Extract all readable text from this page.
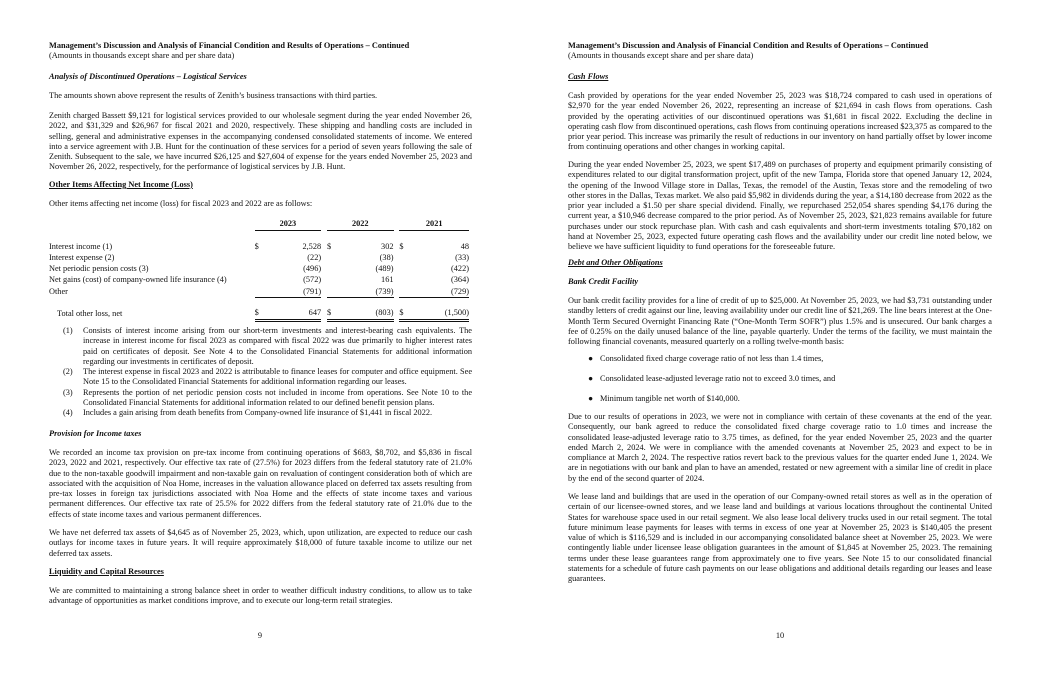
Management’s Discussion and Analysis of Financial Condition and Results of Operations – Continued
(Amounts in thousands except share and per share data)
Analysis of Discontinued Operations – Logistical Services
The amounts shown above represent the results of Zenith’s business transactions with third parties.
Zenith charged Bassett $9,121 for logistical services provided to our wholesale segment during the year ended November 26, 2022, and $31,329 and $26,967 for fiscal 2021 and 2020, respectively. These shipping and handling costs are included in selling, general and administrative expenses in the accompanying condensed consolidated statements of income. We entered into a service agreement with J.B. Hunt for the continuation of these services for a period of seven years following the sale of Zenith. Subsequent to the sale, we have incurred $26,125 and $27,604 of expense for the years ended November 25, 2023 and November 26, 2022, respectively, for the performance of logistical services by J.B. Hunt.
Other Items Affecting Net Income (Loss)
Other items affecting net income (loss) for fiscal 2023 and 2022 are as follows:
	2023			2022			2021	

Interest income (1)	$	2,528		$	302		$	48
Interest expense (2)		(22)			(38)			(33)
Net periodic pension costs (3)		(496)			(489)			(422)
Net gains (cost) of company-owned life insurance (4)		(572)			161			(364)
Other		(791)			(739)			(729)

Total other loss, net	$	647		$	(803)		$	(1,500)
(1)	Consists of interest income arising from our short-term investments and interest-bearing cash equivalents. The increase in interest income for fiscal 2023 as compared with fiscal 2022 was due primarily to higher interest rates paid on certificates of deposit. See Note 4 to the Consolidated Financial Statements for additional information regarding our investments in certificates of deposit.
(2)	The interest expense in fiscal 2023 and 2022 is attributable to finance leases for computer and office equipment. See Note 15 to the Consolidated Financial Statements for additional information regarding our leases.
(3)	Represents the portion of net periodic pension costs not included in income from operations. See Note 10 to the Consolidated Financial Statements for additional information related to our defined benefit pension plans.
(4)	Includes a gain arising from death benefits from Company-owned life insurance of $1,441 in fiscal 2022.
Provision for Income taxes
We recorded an income tax provision on pre-tax income from continuing operations of $683, $8,702, and $5,836 in fiscal 2023, 2022 and 2021, respectively. Our effective tax rate of (27.5%) for 2023 differs from the federal statutory rate of 21.0% due to the non-taxable goodwill impairment and non-taxable gain on revaluation of contingent consideration both of which are associated with the acquisition of Noa Home, increases in the valuation allowance placed on deferred tax assets resulting from pre-tax losses in foreign tax jurisdictions associated with Noa Home and the effects of state income taxes and various permanent differences. Our effective tax rate of 25.5% for 2022 differs from the federal statutory rate of 21.0% due to the effects of state income taxes and various permanent differences.
We have net deferred tax assets of $4,645 as of November 25, 2023, which, upon utilization, are expected to reduce our cash outlays for income taxes in future years. It will require approximately $18,000 of future taxable income to utilize our net deferred tax assets.
Liquidity and Capital Resources
We are committed to maintaining a strong balance sheet in order to weather difficult industry conditions, to allow us to take advantage of opportunities as market conditions improve, and to execute our long-term retail strategies.
9
Management’s Discussion and Analysis of Financial Condition and Results of Operations – Continued
(Amounts in thousands except share and per share data)
Cash Flows
Cash provided by operations for the year ended November 25, 2023 was $18,724 compared to cash used in operations of $2,970 for the year ended November 26, 2022, representing an increase of $21,694 in cash flows from operations. Cash provided by the operating activities of our discontinued operations was $1,681 in fiscal 2022. Excluding the decline in operating cash flow from discontinued operations, cash flows from continuing operations increased $23,375 as compared to the prior year period. This increase was primarily the result of reductions in our inventory on hand partially offset by lower income from continuing operations and other changes in working capital.
During the year ended November 25, 2023, we spent $17,489 on purchases of property and equipment primarily consisting of expenditures related to our digital transformation project, upfit of the new Tampa, Florida store that opened January 12, 2024, the opening of the Inwood Village store in Dallas, Texas, the remodel of the Austin, Texas store and the remodeling of two other stores in the Dallas, Texas market. We also paid $5,982 in dividends during the year, a $14,180 decrease from 2022 as the prior year included a $1.50 per share special dividend. Finally, we repurchased 252,054 shares spending $4,176 during the current year, a $10,946 decrease compared to the prior period. As of November 25, 2023, $21,823 remains available for future purchases under our stock repurchase plan. With cash and cash equivalents and short-term investments totaling $70,182 on hand at November 25, 2023, expected future operating cash flows and the availability under our credit line noted below, we believe we have sufficient liquidity to fund operations for the foreseeable future.
Debt and Other Obligations
Bank Credit Facility
Our bank credit facility provides for a line of credit of up to $25,000. At November 25, 2023, we had $3,731 outstanding under standby letters of credit against our line, leaving availability under our credit line of $21,269. The line bears interest at the One-Month Term Secured Overnight Financing Rate (“One-Month Term SOFR”) plus 1.5% and is unsecured. Our bank charges a fee of 0.25% on the daily unused balance of the line, payable quarterly. Under the terms of the facility, we must maintain the following financial covenants, measured quarterly on a rolling twelve-month basis:
● Consolidated fixed charge coverage ratio of not less than 1.4 times,
● Consolidated lease-adjusted leverage ratio not to exceed 3.0 times, and
● Minimum tangible net worth of $140,000.
Due to our results of operations in 2023, we were not in compliance with certain of these covenants at the end of the year. Consequently, our bank agreed to reduce the consolidated fixed charge coverage ratio to 1.0 times and increase the consolidated lease-adjusted leverage ratio to 3.75 times, as defined, for the year ended November 25, 2023 and the quarter ended March 2, 2024. We were in compliance with the amended covenants at November 25, 2023 and expect to be in compliance at March 2, 2024. The respective ratios revert back to the previous values for the quarter ended June 1, 2024. We are in negotiations with our bank and plan to have an amended, restated or new agreement with a similar line of credit in place by the end of the second quarter of 2024.
We lease land and buildings that are used in the operation of our Company-owned retail stores as well as in the operation of certain of our licensee-owned stores, and we lease land and buildings at various locations throughout the continental United States for warehouse space used in our retail segment. We also lease local delivery trucks used in our retail segment. The total future minimum lease payments for leases with terms in excess of one year at November 25, 2023 is $140,405 the present value of which is $116,529 and is included in our accompanying consolidated balance sheet at November 25, 2023. We were contingently liable under licensee lease obligation guarantees in the amount of $1,845 at November 25, 2023. The remaining terms under these lease guarantees range from approximately one to five years. See Note 15 to our consolidated financial statements for a schedule of future cash payments on our lease obligations and additional details regarding our leases and lease guarantees.
10
